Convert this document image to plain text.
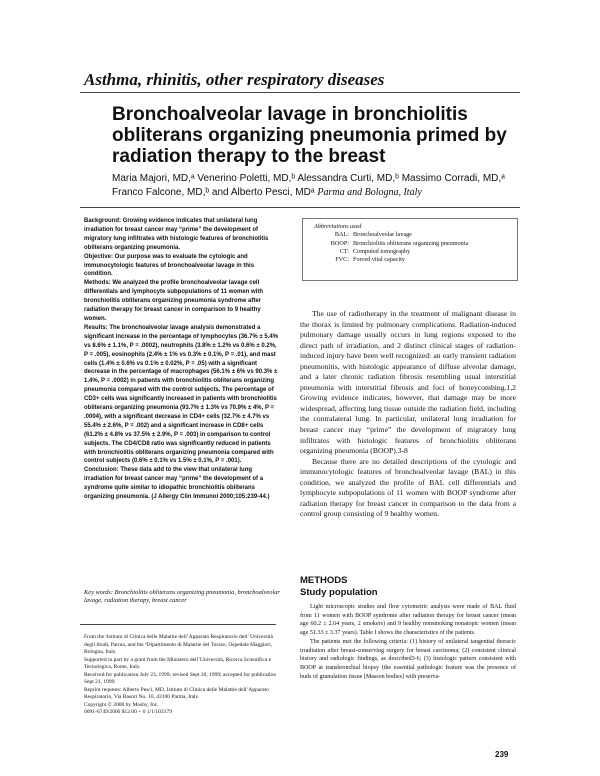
Asthma, rhinitis, other respiratory diseases
Bronchoalveolar lavage in bronchiolitis obliterans organizing pneumonia primed by radiation therapy to the breast
Maria Majori, MD,ᵃ Venerino Poletti, MD,ᵇ Alessandra Curti, MD,ᵇ Massimo Corradi, MD,ᵃ Franco Falcone, MD,ᵇ and Alberto Pesci, MDᵃ Parma and Bologna, Italy

Background: Growing evidence indicates that unilateral lung irradiation for breast cancer may “prime” the development of migratory lung infiltrates with histologic features of bronchiolitis obliterans organizing pneumonia.

Objective: Our purpose was to evaluate the cytologic and immunocytologic features of bronchoalveolar lavage in this condition.

Methods: We analyzed the profile bronchoalveolar lavage cell differentials and lymphocyte subpopulations of 11 women with bronchiolitis obliterans organizing pneumonia syndrome after radiation therapy for breast cancer in comparison to 9 healthy women.

Results: The bronchoalveolar lavage analysis demonstrated a significant increase in the percentage of lymphocytes (36.7% ± 5.4% vs 8.6% ± 1.1%, P = .0002), neutrophils (3.8% ± 1.2% vs 0.6% ± 0.2%, P = .005), eosinophils (2.4% ± 1% vs 0.3% ± 0.1%, P = .01), and mast cells (1.4% ± 0.6% vs 0.1% ± 0.02%, P = .05) with a significant decrease in the percentage of macrophages (56.1% ± 6% vs 90.3% ± 1.4%, P = .0002) in patients with bronchiolitis obliterans organizing pneumonia compared with the control subjects. The percentage of CD3+ cells was significantly increased in patients with bronchiolitis obliterans organizing pneumonia (93.7% ± 1.3% vs 70.9% ± 4%, P = .0004), with a significant decrease in CD4+ cells (32.7% ± 4.7% vs 55.4% ± 2.6%, P = .002) and a significant increase in CD8+ cells (61.2% ± 4.8% vs 37.5% ± 2.9%, P = .003) in comparison to control subjects. The CD4/CD8 ratio was significantly reduced in patients with bronchiolitis obliterans organizing pneumonia compared with control subjects (0.6% ± 0.1% vs 1.5% ± 0.1%, P = .001).

Conclusion: These data add to the view that unilateral lung irradiation for breast cancer may “prime” the development of a syndrome quite similar to idiopathic bronchiolitis obliterans organizing pneumonia. (J Allergy Clin Immunol 2000;105:239-44.)

Key words: Bronchiolitis obliterans organizing pneumonia, bronchoalveolar lavage, radiation therapy, breast cancer

From the ᵃIstituto di Clinica delle Malattie dell’Apparato Respiratorio dell’ Università degli Studi, Parma, and the ᵇDipartimento di Malattie del Torace, Ospedale Maggiori, Bologna, Italy.

Supported in part by a grant from the Ministero dell’Università, Ricerca Scientifica e Tecnologica, Rome, Italy.

Received for publication July 23, 1999; revised Sept 20, 1999; accepted for publication Sept 21, 1999.

Reprint requests: Alberto Pesci, MD, Istituto di Clinica delle Malattie dell’Apparato Respiratorio, Via Rasori No. 10, 43100 Parma, Italy.

Copyright © 2000 by Mosby, Inc.

0091-6749/2000 $12.00 + 0 1/1/103179

Abbreviations used
BAL: Bronchoalveolar lavage
BOOP: Bronchiolitis obliterans organizing pneumonia
CT: Computed tomography
FVC: Forced vital capacity

The use of radiotherapy in the treatment of malignant disease in the thorax is limited by pulmonary complications. Radiation-induced pulmonary damage usually occurs in lung regions exposed to the direct path of irradiation, and 2 distinct clinical stages of radiation-induced injury have been well recognized: an early transient radiation pneumonitis, with histologic appearance of diffuse alveolar damage, and a later chronic radiation fibrosis resembling usual interstitial pneumonia with interstitial fibrosis and foci of honeycombing.1,2 Growing evidence indicates, however, that damage may be more widespread, affecting lung tissue outside the radiation field, including the contralateral lung. In particular, unilateral lung irradiation for breast cancer may “prime” the development of migratory lung infiltrates with histologic features of bronchiolitis obliterans organizing pneumonia (BOOP).3-8

Because there are no detailed descriptions of the cytologic and immunocytologic features of bronchoalveolar lavage (BAL) in this condition, we analyzed the profile of BAL cell differentials and lymphocyte subpopulations of 11 women with BOOP syndrome after radiation therapy for breast cancer in comparison to the data from a control group consisting of 9 healthy women.

METHODS
Study population

Light microscopic studies and flow cytometric analysis were made of BAL fluid from 11 women with BOOP syndrome after radiation therapy for breast cancer (mean age 60.2 ± 2.64 years, 2 smokers) and 9 healthy nonsmoking nonatopic women (mean age 51.33 ± 3.37 years). Table I shows the characteristics of the patients.

The patients met the following criteria: (1) history of unilateral tangential thoracic irradiation after breast-conserving surgery for breast carcinoma; (2) consistent clinical history and radiologic findings, as described3-6; (3) histologic pattern consistent with BOOP at transbronchial biopsy (the essential pathologic feature was the presence of buds of granulation tissue [Masson bodies] with preserva-

239
